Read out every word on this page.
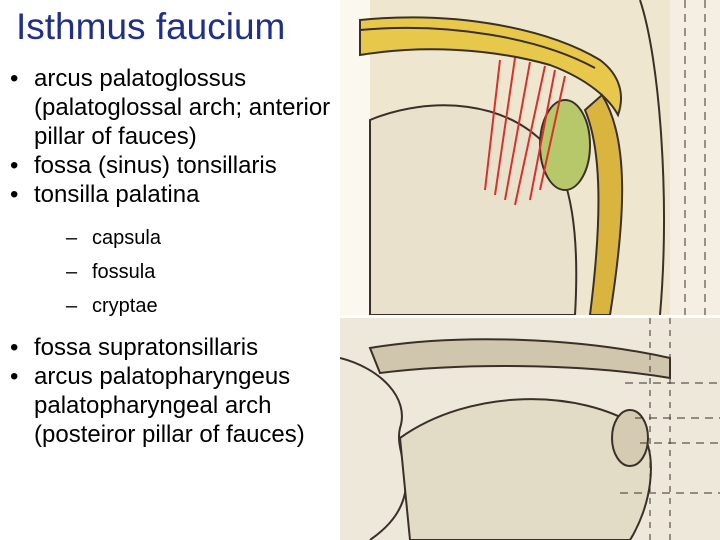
Isthmus faucium
• arcus palatoglossus (palatoglossal arch; anterior pillar of fauces)
• fossa (sinus) tonsillaris
• tonsilla palatina
– capsula
– fossula
– cryptae
• fossa supratonsillaris
• arcus palatopharyngeus palatopharyngeal arch (posteiror pillar of fauces)
